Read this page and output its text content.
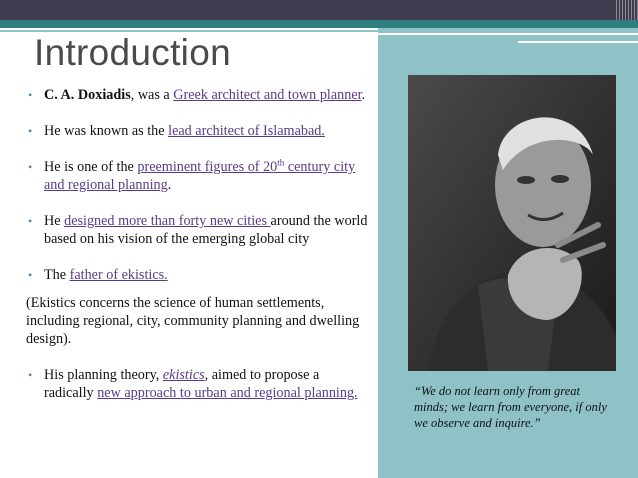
Introduction
• C. A. Doxiadis, was a Greek architect and town planner.
• He was known as the lead architect of Islamabad.
• He is one of the preeminent figures of 20th century city and regional planning.
• He designed more than forty new cities around the world based on his vision of the emerging global city
• The father of ekistics.
(Ekistics concerns the science of human settlements, including regional, city, community planning and dwelling design).
• His planning theory, ekistics, aimed to propose a radically new approach to urban and regional planning.	“We do not learn only from great minds; we learn from everyone, if only we observe and inquire.”
